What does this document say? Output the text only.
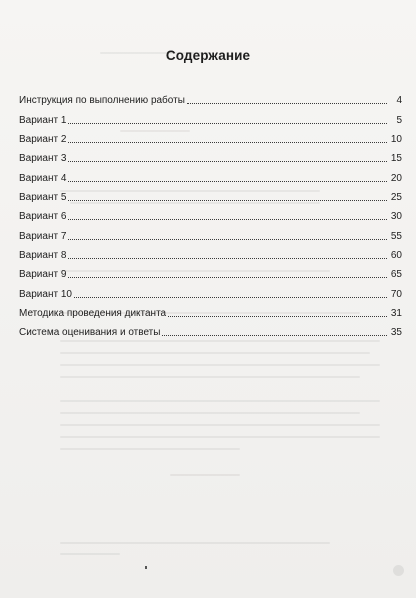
Содержание
Инструкция по выполнению работы	4
Вариант 1	5
Вариант 2	10
Вариант 3	15
Вариант 4	20
Вариант 5	25
Вариант 6	30
Вариант 7	55
Вариант 8	60
Вариант 9	65
Вариант 10	70
Методика проведения диктанта	31
Система оценивания и ответы	35
